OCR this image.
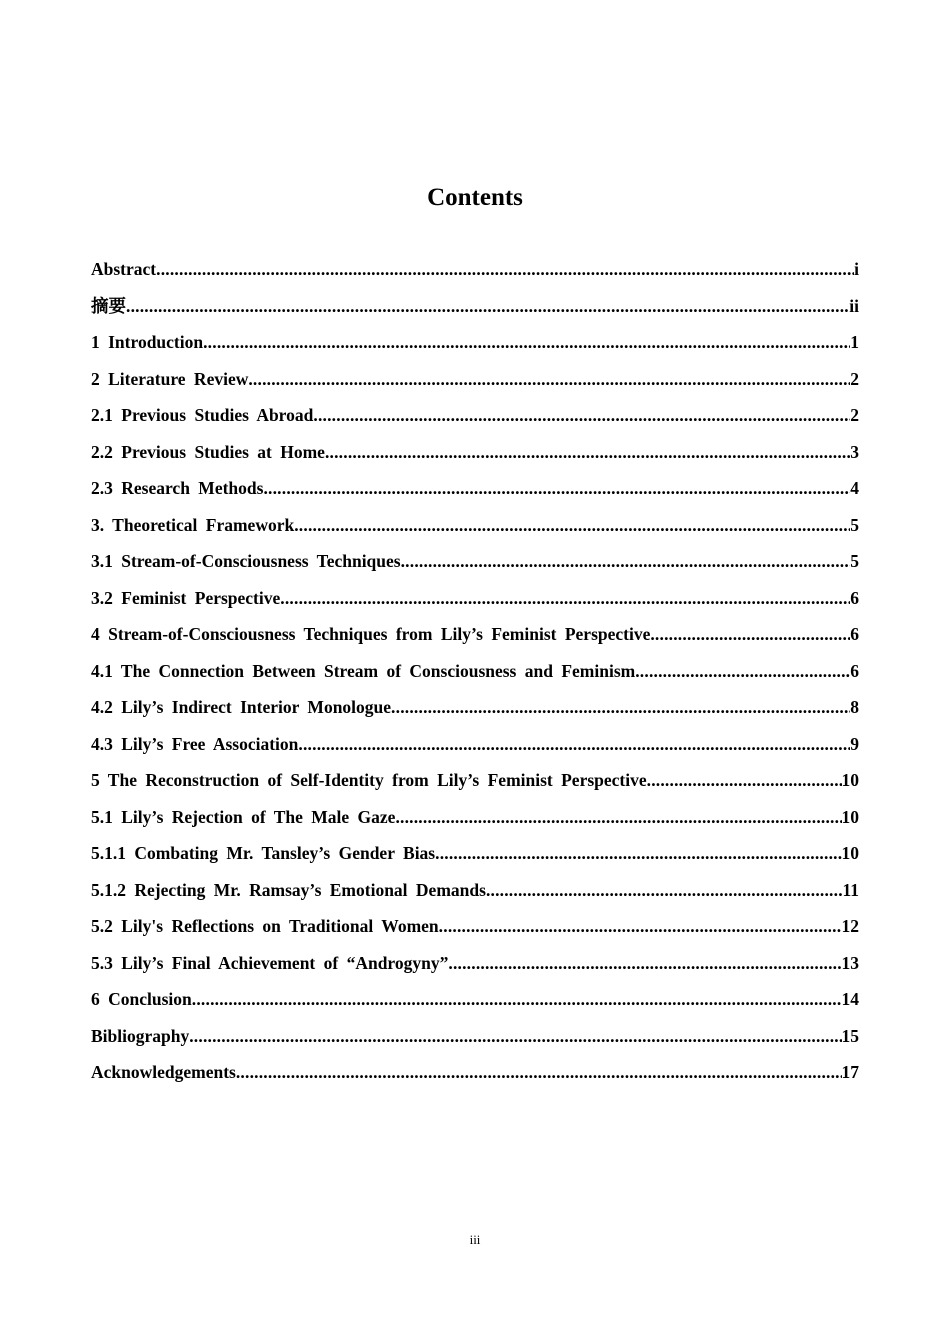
Contents
Abstract .....	i
摘要 .....	ii
1 Introduction .....	1
2 Literature Review .....	2
2.1 Previous Studies Abroad .....	2
2.2 Previous Studies at Home .....	3
2.3 Research Methods .....	4
3. Theoretical Framework .....	5
3.1 Stream-of-Consciousness Techniques .....	5
3.2 Feminist Perspective .....	6
4 Stream-of-Consciousness Techniques from Lily’s Feminist Perspective .....	6
4.1 The Connection Between Stream of Consciousness and Feminism .....	6
4.2 Lily’s Indirect Interior Monologue .....	8
4.3 Lily’s Free Association .....	9
5 The Reconstruction of Self-Identity from Lily’s Feminist Perspective .....	10
5.1 Lily’s Rejection of The Male Gaze .....	10
5.1.1 Combating Mr. Tansley’s Gender Bias .....	10
5.1.2 Rejecting Mr. Ramsay’s Emotional Demands .....	11
5.2 Lily's Reflections on Traditional Women .....	12
5.3 Lily’s Final Achievement of “Androgyny” .....	13
6 Conclusion .....	14
Bibliography .....	15
Acknowledgements .....	17
iii
